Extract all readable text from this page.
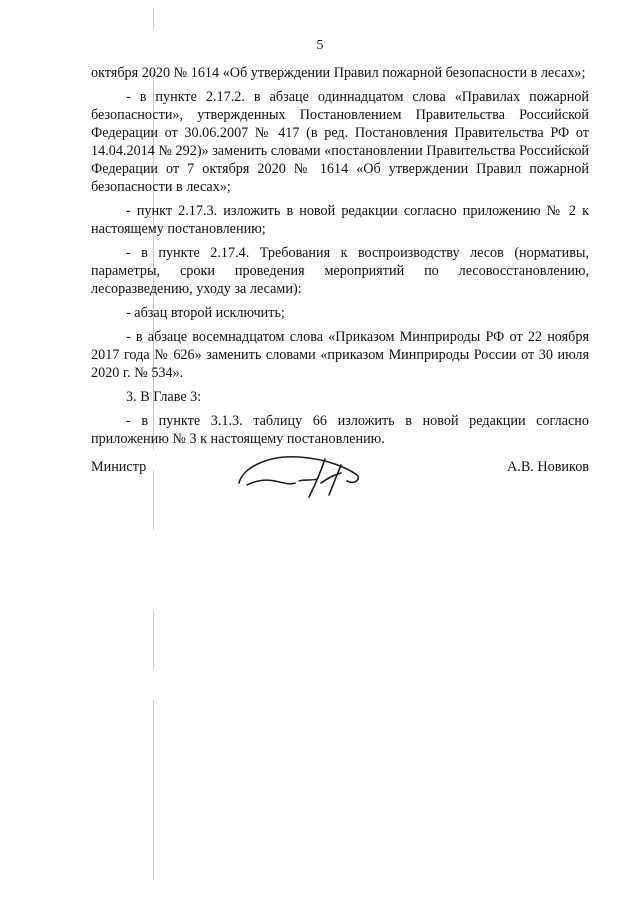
5

октября 2020 № 1614 «Об утверждении Правил пожарной безопасности в лесах»;

- в пункте 2.17.2. в абзаце одиннадцатом слова «Правилах пожарной безопасности», утвержденных Постановлением Правительства Российской Федерации от 30.06.2007 № 417 (в ред. Постановления Правительства РФ от 14.04.2014 № 292)» заменить словами «постановлении Правительства Российской Федерации от 7 октября 2020 № 1614 «Об утверждении Правил пожарной безопасности в лесах»;

- пункт 2.17.3. изложить в новой редакции согласно приложению № 2 к настоящему постановлению;

- в пункте 2.17.4. Требования к воспроизводству лесов (нормативы, параметры, сроки проведения мероприятий по лесовосстановлению, лесоразведению, уходу за лесами):

- абзац второй исключить;

- в абзаце восемнадцатом слова «Приказом Минприроды РФ от 22 ноября 2017 года № 626» заменить словами «приказом Минприроды России от 30 июля 2020 г. № 534».

3. В Главе 3:

- в пункте 3.1.3. таблицу 66 изложить в новой редакции согласно приложению № 3 к настоящему постановлению.

Министр	А.В. Новиков
